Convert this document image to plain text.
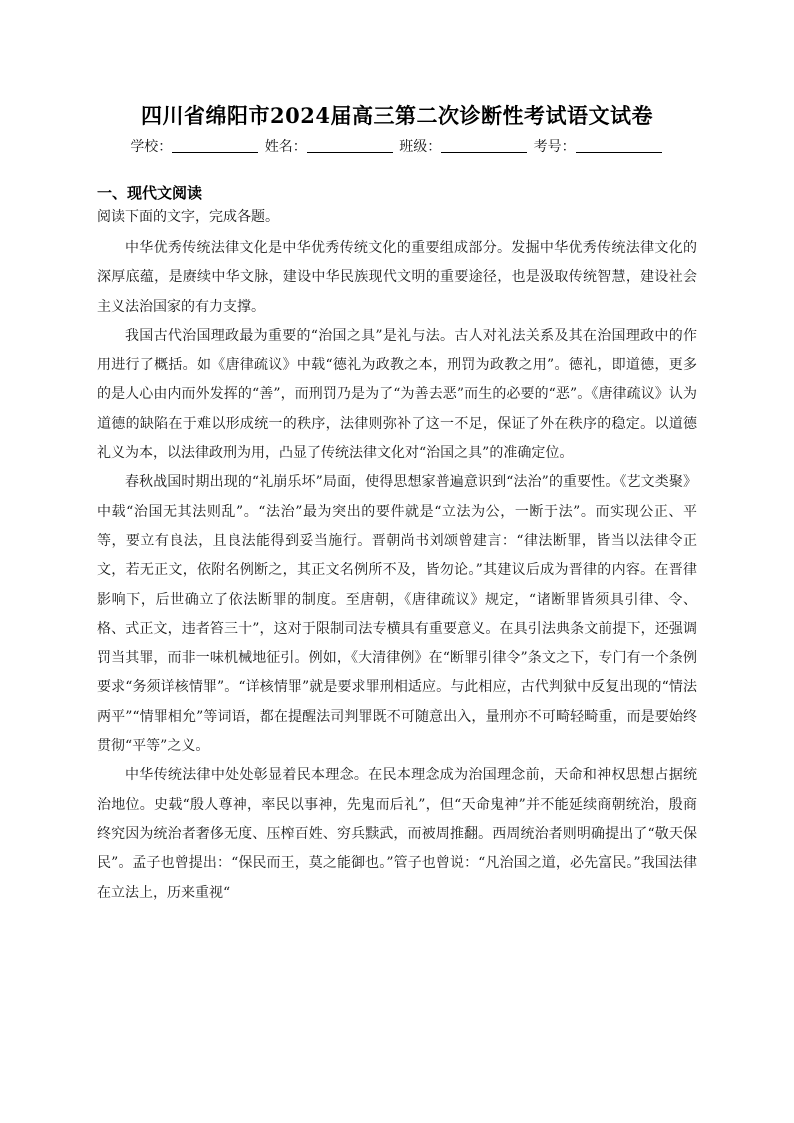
四川省绵阳市2024届高三第二次诊断性考试语文试卷
学校：	姓名：	班级：	考号：
一、现代文阅读
阅读下面的文字，完成各题。

中华优秀传统法律文化是中华优秀传统文化的重要组成部分。发掘中华优秀传统法律文化的深厚底蕴，是赓续中华文脉，建设中华民族现代文明的重要途径，也是汲取传统智慧，建设社会主义法治国家的有力支撑。

我国古代治国理政最为重要的“治国之具”是礼与法。古人对礼法关系及其在治国理政中的作用进行了概括。如《唐律疏议》中载“德礼为政教之本，刑罚为政教之用”。德礼，即道德，更多的是人心由内而外发挥的“善”，而刑罚乃是为了“为善去恶”而生的必要的“恶”。《唐律疏议》认为道德的缺陷在于难以形成统一的秩序，法律则弥补了这一不足，保证了外在秩序的稳定。以道德礼义为本，以法律政刑为用，凸显了传统法律文化对“治国之具”的准确定位。

春秋战国时期出现的“礼崩乐坏”局面，使得思想家普遍意识到“法治”的重要性。《艺文类聚》中载“治国无其法则乱”。“法治”最为突出的要件就是“立法为公，一断于法”。而实现公正、平等，要立有良法，且良法能得到妥当施行。晋朝尚书刘颂曾建言：“律法断罪，皆当以法律令正文，若无正文，依附名例断之，其正文名例所不及，皆勿论。”其建议后成为晋律的内容。在晋律影响下，后世确立了依法断罪的制度。至唐朝，《唐律疏议》规定，“诸断罪皆须具引律、令、格、式正文，违者笞三十”，这对于限制司法专横具有重要意义。在具引法典条文前提下，还强调罚当其罪，而非一味机械地征引。例如，《大清律例》在“断罪引律令”条文之下，专门有一个条例要求“务须详核情罪”。“详核情罪”就是要求罪刑相适应。与此相应，古代判狱中反复出现的“情法两平”“情罪相允”等词语，都在提醒法司判罪既不可随意出入，量刑亦不可畸轻畸重，而是要始终贯彻“平等”之义。

中华传统法律中处处彰显着民本理念。在民本理念成为治国理念前，天命和神权思想占据统治地位。史载“殷人尊神，率民以事神，先鬼而后礼”，但“天命鬼神”并不能延续商朝统治，殷商终究因为统治者奢侈无度、压榨百姓、穷兵黩武，而被周推翻。西周统治者则明确提出了“敬天保民”。孟子也曾提出：“保民而王，莫之能御也。”管子也曾说：“凡治国之道，必先富民。”我国法律在立法上，历来重视“
